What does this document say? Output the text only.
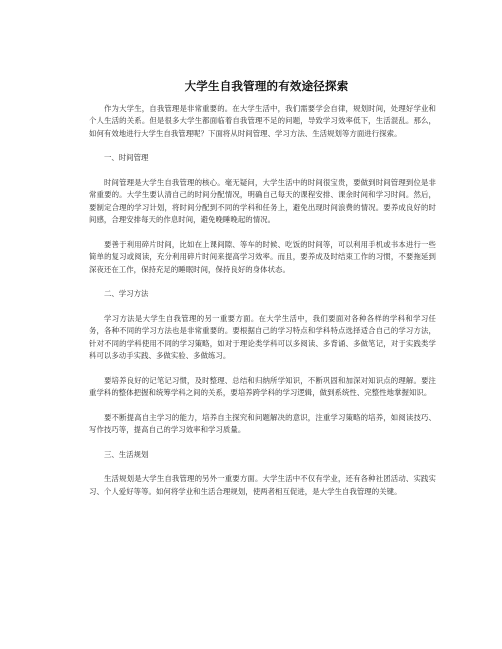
大学生自我管理的有效途径探索

作为大学生，自我管理是非常重要的。在大学生活中，我们需要学会自律，规划时间，处理好学业和个人生活的关系。但是很多大学生都面临着自我管理不足的问题，导致学习效率低下，生活混乱。那么，如何有效地进行大学生自我管理呢？下面将从时间管理、学习方法、生活规划等方面进行探索。

一、时间管理

时间管理是大学生自我管理的核心。毫无疑问，大学生活中的时间很宝贵，要做到时间管理到位是非常重要的。大学生要认清自己的时间分配情况，明确自己每天的课程安排、课余时间和学习时间。然后，要制定合理的学习计划，将时间分配到不同的学科和任务上，避免出现时间浪费的情况。要养成良好的时间感，合理安排每天的作息时间，避免晚睡晚起的情况。

要善于利用碎片时间，比如在上课间隙、等车的时候、吃饭的时间等，可以利用手机或书本进行一些简单的复习或阅读，充分利用碎片时间来提高学习效率。而且，要养成及时结束工作的习惯，不要拖延到深夜还在工作，保持充足的睡眠时间，保持良好的身体状态。

二、学习方法

学习方法是大学生自我管理的另一重要方面。在大学生活中，我们要面对各种各样的学科和学习任务，各种不同的学习方法也是非常重要的。要根据自己的学习特点和学科特点选择适合自己的学习方法，针对不同的学科使用不同的学习策略，如对于理论类学科可以多阅读、多背诵、多做笔记，对于实践类学科可以多动手实践、多做实验、多做练习。

要培养良好的记笔记习惯，及时整理、总结和归纳所学知识，不断巩固和加深对知识点的理解。要注重学科的整体把握和统筹学科之间的关系，要培养跨学科的学习逻辑，做到系统性、完整性地掌握知识。

要不断提高自主学习的能力，培养自主探究和问题解决的意识，注重学习策略的培养，如阅读技巧、写作技巧等，提高自己的学习效率和学习质量。

三、生活规划

生活规划是大学生自我管理的另外一重要方面。大学生活中不仅有学业，还有各种社团活动、实践实习、个人爱好等等。如何将学业和生活合理规划，使两者相互促进，是大学生自我管理的关键。
